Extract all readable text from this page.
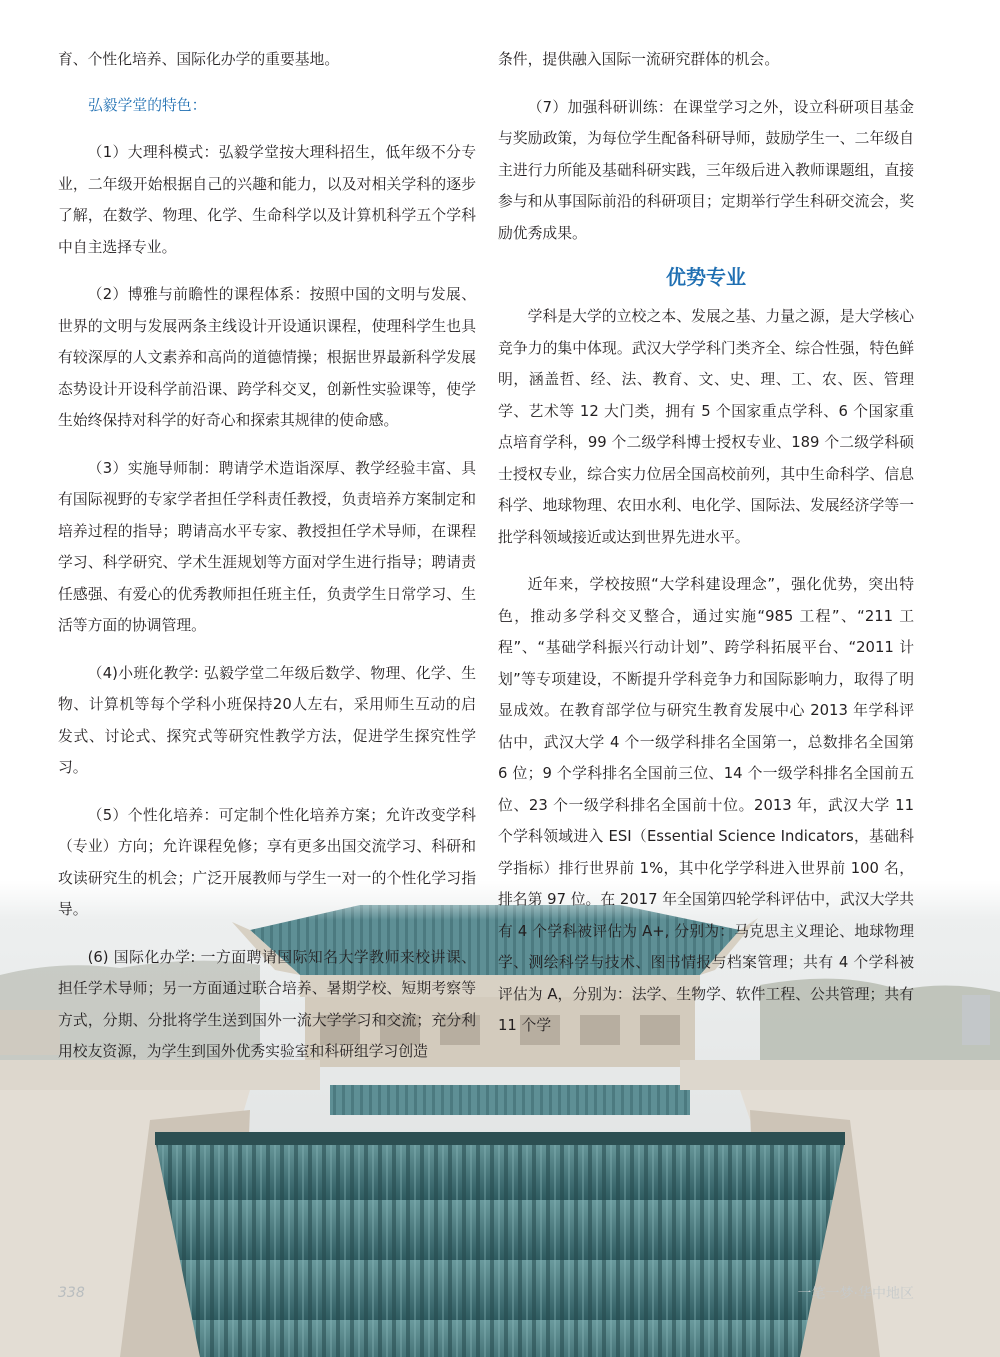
育、个性化培养、国际化办学的重要基地。

弘毅学堂的特色：

（1）大理科模式：弘毅学堂按大理科招生，低年级不分专业，二年级开始根据自己的兴趣和能力，以及对相关学科的逐步了解，在数学、物理、化学、生命科学以及计算机科学五个学科中自主选择专业。

（2）博雅与前瞻性的课程体系：按照中国的文明与发展、世界的文明与发展两条主线设计开设通识课程，使理科学生也具有较深厚的人文素养和高尚的道德情操；根据世界最新科学发展态势设计开设科学前沿课、跨学科交叉，创新性实验课等，使学生始终保持对科学的好奇心和探索其规律的使命感。

（3）实施导师制：聘请学术造诣深厚、教学经验丰富、具有国际视野的专家学者担任学科责任教授，负责培养方案制定和培养过程的指导；聘请高水平专家、教授担任学术导师，在课程学习、科学研究、学术生涯规划等方面对学生进行指导；聘请责任感强、有爱心的优秀教师担任班主任，负责学生日常学习、生活等方面的协调管理。

（4)小班化教学: 弘毅学堂二年级后数学、物理、化学、生物、计算机等每个学科小班保持20人左右，采用师生互动的启发式、讨论式、探究式等研究性教学方法，促进学生探究性学习。

（5）个性化培养：可定制个性化培养方案；允许改变学科（专业）方向；允许课程免修；享有更多出国交流学习、科研和攻读研究生的机会；广泛开展教师与学生一对一的个性化学习指导。

(6) 国际化办学: 一方面聘请国际知名大学教师来校讲课、担任学术导师；另一方面通过联合培养、暑期学校、短期考察等方式，分期、分批将学生送到国外一流大学学习和交流；充分利用校友资源，为学生到国外优秀实验室和科研组学习创造

条件，提供融入国际一流研究群体的机会。

（7）加强科研训练：在课堂学习之外，设立科研项目基金与奖励政策，为每位学生配备科研导师，鼓励学生一、二年级自主进行力所能及基础科研实践，三年级后进入教师课题组，直接参与和从事国际前沿的科研项目；定期举行学生科研交流会，奖励优秀成果。

优势专业

学科是大学的立校之本、发展之基、力量之源，是大学核心竞争力的集中体现。武汉大学学科门类齐全、综合性强，特色鲜明，涵盖哲、经、法、教育、文、史、理、工、农、医、管理学、艺术等 12 大门类，拥有 5 个国家重点学科、6 个国家重点培育学科，99 个二级学科博士授权专业、189 个二级学科硕士授权专业，综合实力位居全国高校前列，其中生命科学、信息科学、地球物理、农田水利、电化学、国际法、发展经济学等一批学科领域接近或达到世界先进水平。

近年来，学校按照“大学科建设理念”，强化优势，突出特色，推动多学科交叉整合，通过实施“985 工程”、“211 工程”、“基础学科振兴行动计划”、跨学科拓展平台、“2011 计划”等专项建设，不断提升学科竞争力和国际影响力，取得了明显成效。在教育部学位与研究生教育发展中心 2013 年学科评估中，武汉大学 4 个一级学科排名全国第一，总数排名全国第 6 位；9 个学科排名全国前三位、14 个一级学科排名全国前五位、23 个一级学科排名全国前十位。2013 年，武汉大学 11 个学科领域进入 ESI（Essential Science Indicators，基础科学指标）排行世界前 1%，其中化学学科进入世界前 100 名，排名第 97 位。在 2017 年全国第四轮学科评估中，武汉大学共有 4 个学科被评估为 A+, 分别为：马克思主义理论、地球物理学、测绘科学与技术、图书情报与档案管理；共有 4 个学科被评估为 A，分别为：法学、生物学、软件工程、公共管理；共有 11 个学

338	一笔一梦·华中地区
